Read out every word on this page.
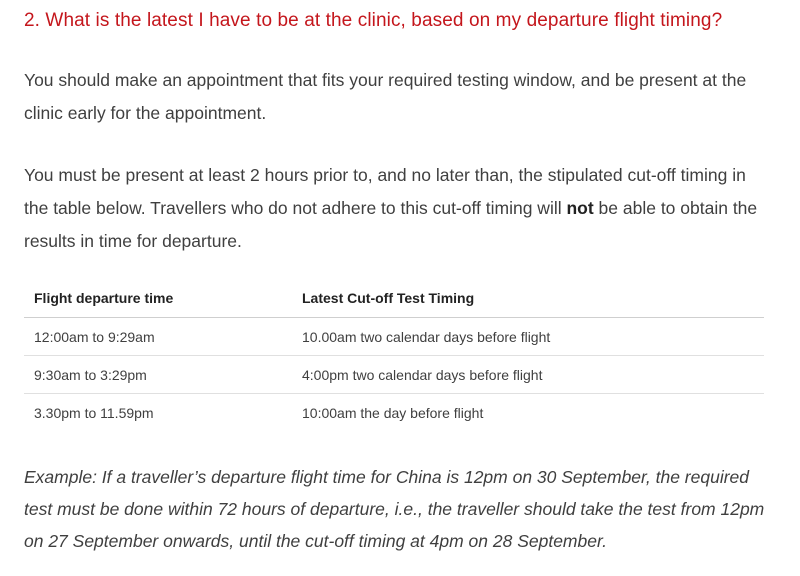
2. What is the latest I have to be at the clinic, based on my departure flight timing?

You should make an appointment that fits your required testing window, and be present at the clinic early for the appointment.

You must be present at least 2 hours prior to, and no later than, the stipulated cut-off timing in the table below. Travellers who do not adhere to this cut-off timing will not be able to obtain the results in time for departure.

Flight departure time	Latest Cut-off Test Timing
12:00am to 9:29am	10.00am two calendar days before flight
9:30am to 3:29pm	4:00pm two calendar days before flight
3.30pm to 11.59pm	10:00am the day before flight

Example: If a traveller’s departure flight time for China is 12pm on 30 September, the required test must be done within 72 hours of departure, i.e., the traveller should take the test from 12pm on 27 September onwards, until the cut-off timing at 4pm on 28 September.
